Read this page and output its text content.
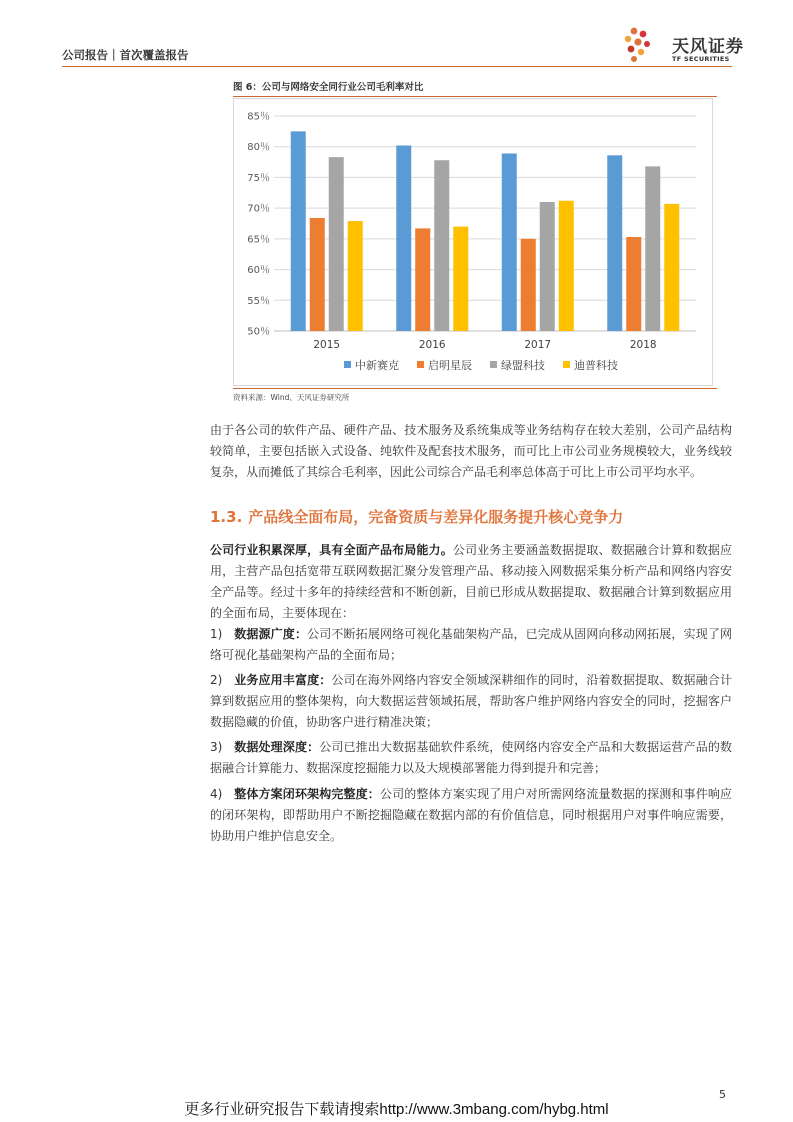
公司报告｜首次覆盖报告	天风证券
TF SECURITIES
图 6：公司与网络安全同行业公司毛利率对比
50％
55％
60％
65％
70％
75％
80％
85％
2015	2016	2017	2018
中新赛克	启明星辰	绿盟科技	迪普科技
资料来源：Wind、天风证券研究所

由于各公司的软件产品、硬件产品、技术服务及系统集成等业务结构存在较大差别，公司产品结构较简单，主要包括嵌入式设备、纯软件及配套技术服务，而可比上市公司业务规模较大，业务线较复杂，从而摊低了其综合毛利率，因此公司综合产品毛利率总体高于可比上市公司平均水平。

1.3. 产品线全面布局，完备资质与差异化服务提升核心竞争力

公司行业积累深厚，具有全面产品布局能力。公司业务主要涵盖数据提取、数据融合计算和数据应用，主营产品包括宽带互联网数据汇聚分发管理产品、移动接入网数据采集分析产品和网络内容安全产品等。经过十多年的持续经营和不断创新，目前已形成从数据提取、数据融合计算到数据应用的全面布局，主要体现在：

1) 数据源广度：公司不断拓展网络可视化基础架构产品，已完成从固网向移动网拓展，实现了网络可视化基础架构产品的全面布局；

2) 业务应用丰富度：公司在海外网络内容安全领域深耕细作的同时，沿着数据提取、数据融合计算到数据应用的整体架构，向大数据运营领域拓展，帮助客户维护网络内容安全的同时，挖掘客户数据隐藏的价值，协助客户进行精准决策；

3) 数据处理深度：公司已推出大数据基础软件系统，使网络内容安全产品和大数据运营产品的数据融合计算能力、数据深度挖掘能力以及大规模部署能力得到提升和完善；

4) 整体方案闭环架构完整度：公司的整体方案实现了用户对所需网络流量数据的探测和事件响应的闭环架构，即帮助用户不断挖掘隐藏在数据内部的有价值信息，同时根据用户对事件响应需要，协助用户维护信息安全。

5
更多行业研究报告下载请搜索http://www.3mbang.com/hybg.html
